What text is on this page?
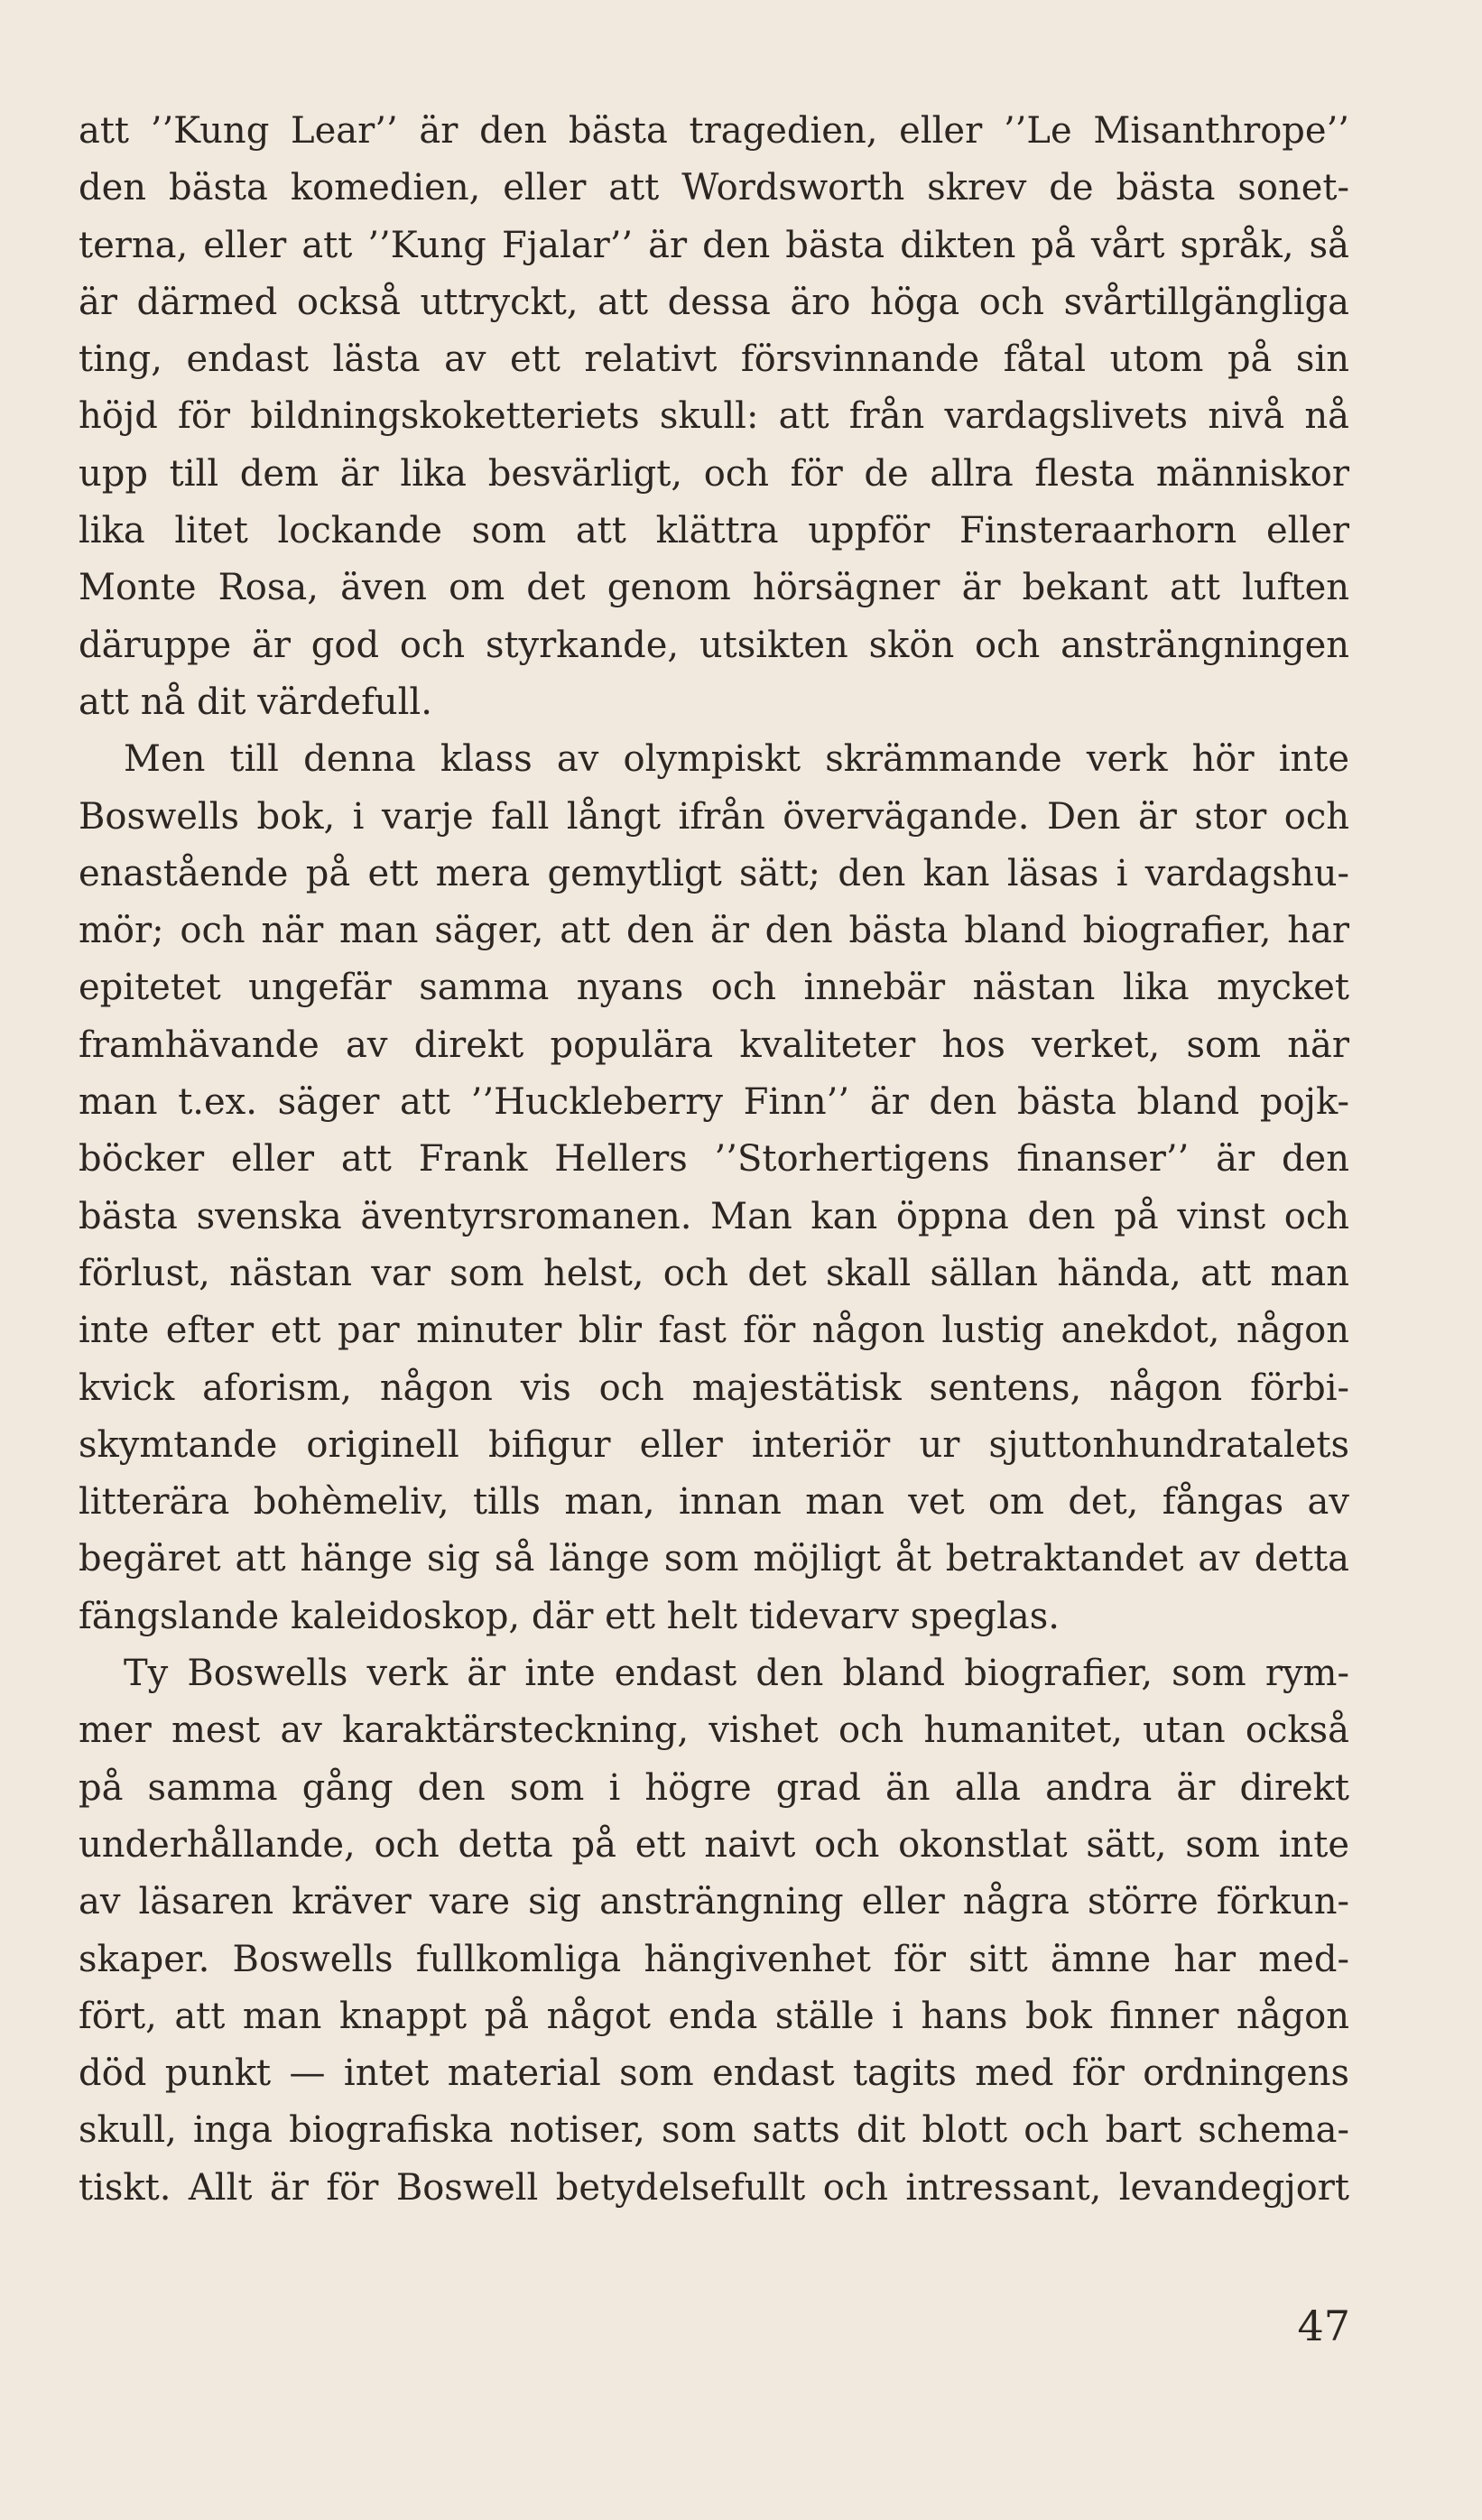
att ’’Kung Lear’’ är den bästa tragedien, eller ’’Le Misanthrope’’
den bästa komedien, eller att Wordsworth skrev de bästa sonet-
terna, eller att ’’Kung Fjalar’’ är den bästa dikten på vårt språk, så
är därmed också uttryckt, att dessa äro höga och svårtillgängliga
ting, endast lästa av ett relativt försvinnande fåtal utom på sin
höjd för bildningskoketteriets skull: att från vardagslivets nivå nå
upp till dem är lika besvärligt, och för de allra flesta människor
lika litet lockande som att klättra uppför Finsteraarhorn eller
Monte Rosa, även om det genom hörsägner är bekant att luften
däruppe är god och styrkande, utsikten skön och ansträngningen
att nå dit värdefull.
Men till denna klass av olympiskt skrämmande verk hör inte
Boswells bok, i varje fall långt ifrån övervägande. Den är stor och
enastående på ett mera gemytligt sätt; den kan läsas i vardagshu-
mör; och när man säger, att den är den bästa bland biografier, har
epitetet ungefär samma nyans och innebär nästan lika mycket
framhävande av direkt populära kvaliteter hos verket, som när
man t.ex. säger att ’’Huckleberry Finn’’ är den bästa bland pojk-
böcker eller att Frank Hellers ’’Storhertigens finanser’’ är den
bästa svenska äventyrsromanen. Man kan öppna den på vinst och
förlust, nästan var som helst, och det skall sällan hända, att man
inte efter ett par minuter blir fast för någon lustig anekdot, någon
kvick aforism, någon vis och majestätisk sentens, någon förbi-
skymtande originell bifigur eller interiör ur sjuttonhundratalets
litterära bohèmeliv, tills man, innan man vet om det, fångas av
begäret att hänge sig så länge som möjligt åt betraktandet av detta
fängslande kaleidoskop, där ett helt tidevarv speglas.
Ty Boswells verk är inte endast den bland biografier, som rym-
mer mest av karaktärsteckning, vishet och humanitet, utan också
på samma gång den som i högre grad än alla andra är direkt
underhållande, och detta på ett naivt och okonstlat sätt, som inte
av läsaren kräver vare sig ansträngning eller några större förkun-
skaper. Boswells fullkomliga hängivenhet för sitt ämne har med-
fört, att man knappt på något enda ställe i hans bok finner någon
död punkt — intet material som endast tagits med för ordningens
skull, inga biografiska notiser, som satts dit blott och bart schema-
tiskt. Allt är för Boswell betydelsefullt och intressant, levandegjort
47
